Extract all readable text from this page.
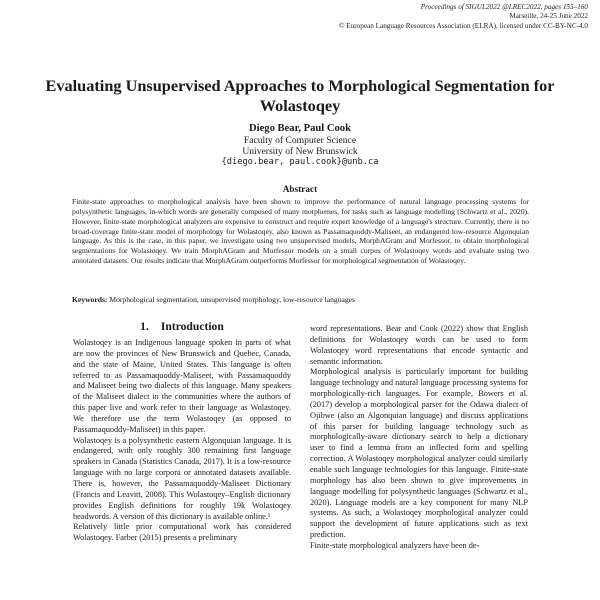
Proceedings of SIGUL2022 @LREC2022, pages 155–160
Marseille, 24-25 June 2022
© European Language Resources Association (ELRA), licensed under CC-BY-NC-4.0
Evaluating Unsupervised Approaches to Morphological Segmentation for Wolastoqey
Diego Bear, Paul Cook
Faculty of Computer Science
University of New Brunswick
{diego.bear, paul.cook}@unb.ca
Abstract
Finite-state approaches to morphological analysis have been shown to improve the performance of natural language processing systems for polysynthetic languages, in-which words are generally composed of many morphemes, for tasks such as language modelling (Schwartz et al., 2020). However, finite-state morphological analyzers are expensive to construct and require expert knowledge of a language's structure. Currently, there is no broad-coverage finite-state model of morphology for Wolastoqey, also known as Passamaquoddy-Maliseet, an endangered low-resource Algonquian language. As this is the case, in this paper, we investigate using two unsupervised models, MorphAGram and Morfessor, to obtain morphological segmentations for Wolastoqey. We train MorphAGram and Morfessor models on a small corpus of Wolastoqey words and evaluate using two annotated datasets. Our results indicate that MorphAGram outperforms Morfessor for morphological segmentation of Wolastoqey.
Keywords: Morphological segmentation, unsupervised morphology, low-resource languages
1. Introduction

Wolastoqey is an Indigenous language spoken in parts of what are now the provinces of New Brunswick and Quebec, Canada, and the state of Maine, United States. This language is often referred to as Passamaquoddy-Maliseet, with Passamaquoddy and Maliseet being two dialects of this language. Many speakers of the Maliseet dialect in the communities where the authors of this paper live and work refer to their language as Wolastoqey. We therefore use the term Wolastoqey (as opposed to Passamaquoddy-Maliseet) in this paper.

Wolastoqey is a polysynthetic eastern Algonquian language. It is endangered, with only roughly 300 remaining first language speakers in Canada (Statistics Canada, 2017). It is a low-resource language with no large corpora or annotated datasets available. There is, however, the Passamaquoddy-Maliseet Dictionary (Francis and Leavitt, 2008). This Wolastoqey–English dictionary provides English definitions for roughly 19k Wolastoqey headwords. A version of this dictionary is available online.¹

Relatively little prior computational work has considered Wolastoqey. Farber (2015) presents a preliminary

word representations. Bear and Cook (2022) show that English definitions for Wolastoqey words can be used to form Wolastoqey word representations that encode syntactic and semantic information.

Morphological analysis is particularly important for building language technology and natural language processing systems for morphologically-rich languages. For example, Bowers et al. (2017) develop a morphological parser for the Odawa dialect of Ojibwe (also an Algonquian language) and discuss applications of this parser for building language technology such as morphologically-aware dictionary search to help a dictionary user to find a lemma from an inflected form and spelling correction. A Wolastoqey morphological analyzer could similarly enable such language technologies for this language. Finite-state morphology has also been shown to give improvements in language modelling for polysynthetic languages (Schwartz et al., 2020). Language models are a key component for many NLP systems. As such, a Wolastoqey morphological analyzer could support the development of future applications such as text prediction.

Finite-state morphological analyzers have been de-
